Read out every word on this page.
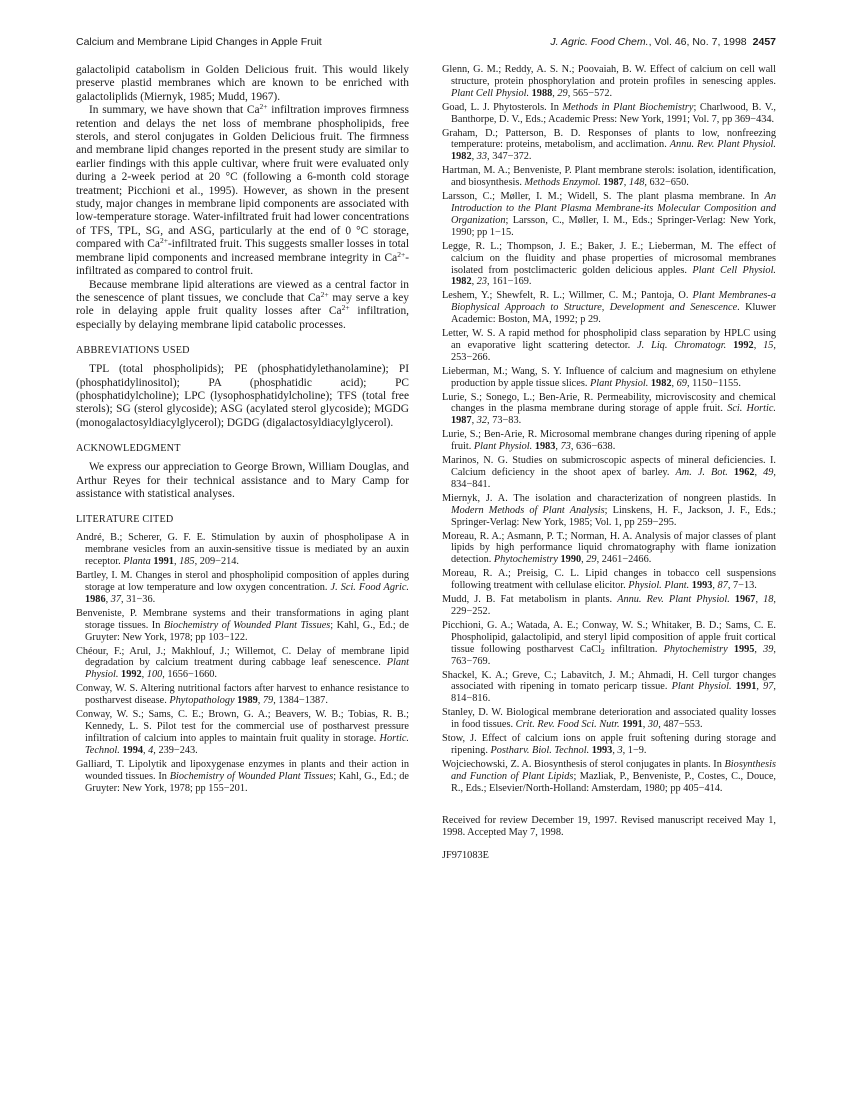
Calcium and Membrane Lipid Changes in Apple Fruit	J. Agric. Food Chem., Vol. 46, No. 7, 1998 2457

galactolipid catabolism in Golden Delicious fruit. This would likely preserve plastid membranes which are known to be enriched with galactoliplids (Miernyk, 1985; Mudd, 1967).

In summary, we have shown that $Ca^{2+}$ infiltration improves firmness retention and delays the net loss of membrane phospholipids, free sterols, and sterol conjugates in Golden Delicious fruit. The firmness and membrane lipid changes reported in the present study are similar to earlier findings with this apple cultivar, where fruit were evaluated only during a 2-week period at 20 °C (following a 6-month cold storage treatment; Picchioni et al., 1995). However, as shown in the present study, major changes in membrane lipid components are associated with low-temperature storage. Water-infiltrated fruit had lower concentrations of TFS, TPL, SG, and ASG, particularly at the end of 0 °C storage, compared with $Ca^{2+}$-infiltrated fruit. This suggests smaller losses in total membrane lipid components and increased membrane integrity in $Ca^{2+}$-infiltrated as compared to control fruit.

Because membrane lipid alterations are viewed as a central factor in the senescence of plant tissues, we conclude that $Ca^{2+}$ may serve a key role in delaying apple fruit quality losses after $Ca^{2+}$ infiltration, especially by delaying membrane lipid catabolic processes.

ABBREVIATIONS USED

TPL (total phospholipids); PE (phosphatidylethanolamine); PI (phosphatidylinositol); PA (phosphatidic acid); PC (phosphatidylcholine); LPC (lysophosphatidylcholine); TFS (total free sterols); SG (sterol glycoside); ASG (acylated sterol glycoside); MGDG (monogalactosyldiacylglycerol); DGDG (digalactosyldiacylglycerol).

ACKNOWLEDGMENT

We express our appreciation to George Brown, William Douglas, and Arthur Reyes for their technical assistance and to Mary Camp for assistance with statistical analyses.

LITERATURE CITED

André, B.; Scherer, G. F. E. Stimulation by auxin of phospholipase A in membrane vesicles from an auxin-sensitive tissue is mediated by an auxin receptor. Planta 1991, 185, 209−214.

Bartley, I. M. Changes in sterol and phospholipid composition of apples during storage at low temperature and low oxygen concentration. J. Sci. Food Agric. 1986, 37, 31−36.

Benveniste, P. Membrane systems and their transformations in aging plant storage tissues. In Biochemistry of Wounded Plant Tissues; Kahl, G., Ed.; de Gruyter: New York, 1978; pp 103−122.

Chéour, F.; Arul, J.; Makhlouf, J.; Willemot, C. Delay of membrane lipid degradation by calcium treatment during cabbage leaf senescence. Plant Physiol. 1992, 100, 1656−1660.

Conway, W. S. Altering nutritional factors after harvest to enhance resistance to postharvest disease. Phytopathology 1989, 79, 1384−1387.

Conway, W. S.; Sams, C. E.; Brown, G. A.; Beavers, W. B.; Tobias, R. B.; Kennedy, L. S. Pilot test for the commercial use of postharvest pressure infiltration of calcium into apples to maintain fruit quality in storage. Hortic. Technol. 1994, 4, 239−243.

Galliard, T. Lipolytik and lipoxygenase enzymes in plants and their action in wounded tissues. In Biochemistry of Wounded Plant Tissues; Kahl, G., Ed.; de Gruyter: New York, 1978; pp 155−201.

Glenn, G. M.; Reddy, A. S. N.; Poovaiah, B. W. Effect of calcium on cell wall structure, protein phosphorylation and protein profiles in senescing apples. Plant Cell Physiol. 1988, 29, 565−572.

Goad, L. J. Phytosterols. In Methods in Plant Biochemistry; Charlwood, B. V., Banthorpe, D. V., Eds.; Academic Press: New York, 1991; Vol. 7, pp 369−434.

Graham, D.; Patterson, B. D. Responses of plants to low, nonfreezing temperature: proteins, metabolism, and acclimation. Annu. Rev. Plant Physiol. 1982, 33, 347−372.

Hartman, M. A.; Benveniste, P. Plant membrane sterols: isolation, identification, and biosynthesis. Methods Enzymol. 1987, 148, 632−650.

Larsson, C.; Møller, I. M.; Widell, S. The plant plasma membrane. In An Introduction to the Plant Plasma Membrane-its Molecular Composition and Organization; Larsson, C., Møller, I. M., Eds.; Springer-Verlag: New York, 1990; pp 1−15.

Legge, R. L.; Thompson, J. E.; Baker, J. E.; Lieberman, M. The effect of calcium on the fluidity and phase properties of microsomal membranes isolated from postclimacteric golden delicious apples. Plant Cell Physiol. 1982, 23, 161−169.

Leshem, Y.; Shewfelt, R. L.; Willmer, C. M.; Pantoja, O. Plant Membranes-a Biophysical Approach to Structure, Development and Senescence. Kluwer Academic: Boston, MA, 1992; p 29.

Letter, W. S. A rapid method for phospholipid class separation by HPLC using an evaporative light scattering detector. J. Liq. Chromatogr. 1992, 15, 253−266.

Lieberman, M.; Wang, S. Y. Influence of calcium and magnesium on ethylene production by apple tissue slices. Plant Physiol. 1982, 69, 1150−1155.

Lurie, S.; Sonego, L.; Ben-Arie, R. Permeability, microviscosity and chemical changes in the plasma membrane during storage of apple fruit. Sci. Hortic. 1987, 32, 73−83.

Lurie, S.; Ben-Arie, R. Microsomal membrane changes during ripening of apple fruit. Plant Physiol. 1983, 73, 636−638.

Marinos, N. G. Studies on submicroscopic aspects of mineral deficiencies. I. Calcium deficiency in the shoot apex of barley. Am. J. Bot. 1962, 49, 834−841.

Miernyk, J. A. The isolation and characterization of nongreen plastids. In Modern Methods of Plant Analysis; Linskens, H. F., Jackson, J. F., Eds.; Springer-Verlag: New York, 1985; Vol. 1, pp 259−295.

Moreau, R. A.; Asmann, P. T.; Norman, H. A. Analysis of major classes of plant lipids by high performance liquid chromatography with flame ionization detection. Phytochemistry 1990, 29, 2461−2466.

Moreau, R. A.; Preisig, C. L. Lipid changes in tobacco cell suspensions following treatment with cellulase elicitor. Physiol. Plant. 1993, 87, 7−13.

Mudd, J. B. Fat metabolism in plants. Annu. Rev. Plant Physiol. 1967, 18, 229−252.

Picchioni, G. A.; Watada, A. E.; Conway, W. S.; Whitaker, B. D.; Sams, C. E. Phospholipid, galactolipid, and steryl lipid composition of apple fruit cortical tissue following postharvest CaCl$_2$ infiltration. Phytochemistry 1995, 39, 763−769.

Shackel, K. A.; Greve, C.; Labavitch, J. M.; Ahmadi, H. Cell turgor changes associated with ripening in tomato pericarp tissue. Plant Physiol. 1991, 97, 814−816.

Stanley, D. W. Biological membrane deterioration and associated quality losses in food tissues. Crit. Rev. Food Sci. Nutr. 1991, 30, 487−553.

Stow, J. Effect of calcium ions on apple fruit softening during storage and ripening. Postharv. Biol. Technol. 1993, 3, 1−9.

Wojciechowski, Z. A. Biosynthesis of sterol conjugates in plants. In Biosynthesis and Function of Plant Lipids; Mazliak, P., Benveniste, P., Costes, C., Douce, R., Eds.; Elsevier/North-Holland: Amsterdam, 1980; pp 405−414.

Received for review December 19, 1997. Revised manuscript received May 1, 1998. Accepted May 7, 1998.
JF971083E
